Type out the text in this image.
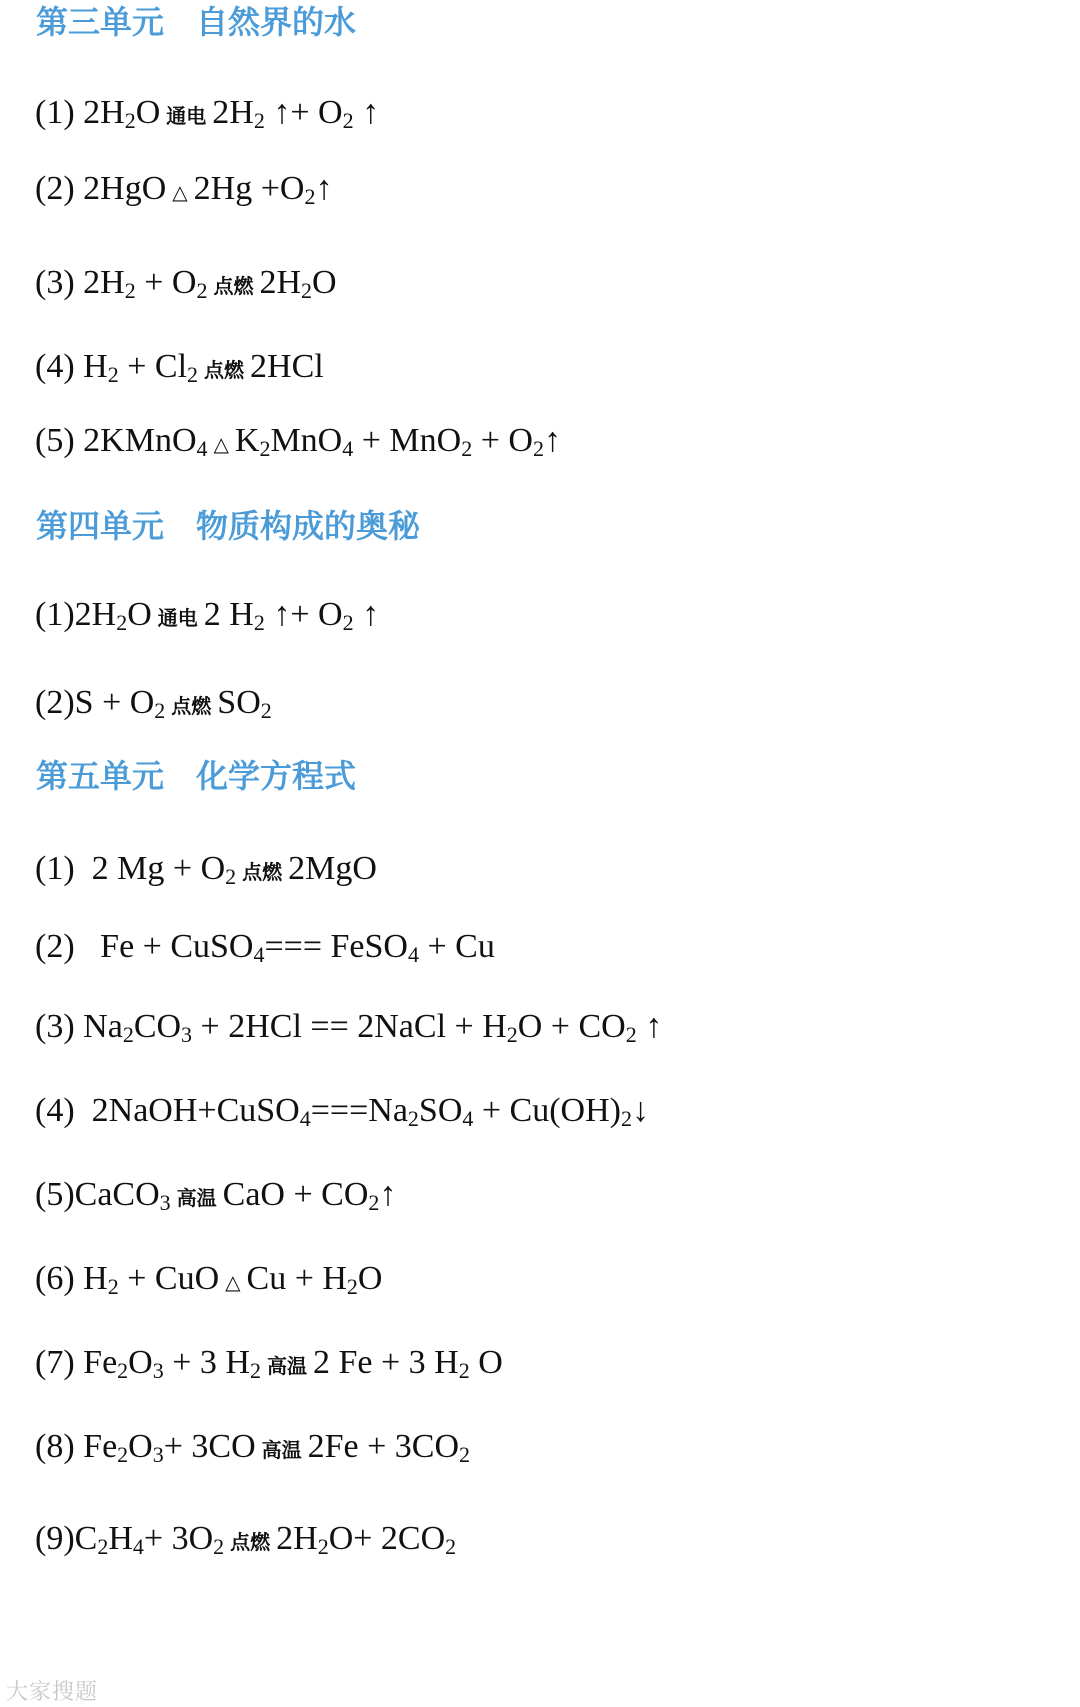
第三单元　自然界的水
(1) $2H_2O$ 通电 $2H_2$ ↑+ $O_2$ ↑
(2) 2HgO △ $2Hg +O_2↑$
(3) $2H_2 + O_2$ 点燃 $2H_2O$
(4) $H_2 + Cl_2$ 点燃 2HCl
(5) 2KMnO$_4$ △ $K_2MnO_4 + MnO_2$ + $O_2↑$
第四单元　物质构成的奥秘
$(1)2H_2O$ 通电 2 $H_2$ ↑+ $O_2$ ↑
$(2)S + O_2$ 点燃 $SO_2$
第五单元　化学方程式
(1)  2 $Mg + O_2$ 点燃 2MgO
(2)   Fe + CuSO$_4$=== FeSO$_4$ + Cu
(3) $Na_2CO_3 + 2HCl$ == 2NaCl + $H_2O + CO_2$ ↑
(4)  $2NaOH+CuSO_4===Na_2SO_4$ + $Cu(OH)_2↓$
(5)CaCO$_3$ 高温 CaO + $CO_2↑$
(6) $H_2$ + CuO △ $Cu + H_2O$
(7) $Fe_2O_3 + 3$ $H_2$ 高温 2 Fe + 3 $H_2$ O
(8) $Fe_2O_3+ 3CO$ 高温 $2Fe + 3CO_2$
$(9)C_2H_4+ 3O_2$ 点燃 $2H_2O+ 2CO_2$
大家搜题
